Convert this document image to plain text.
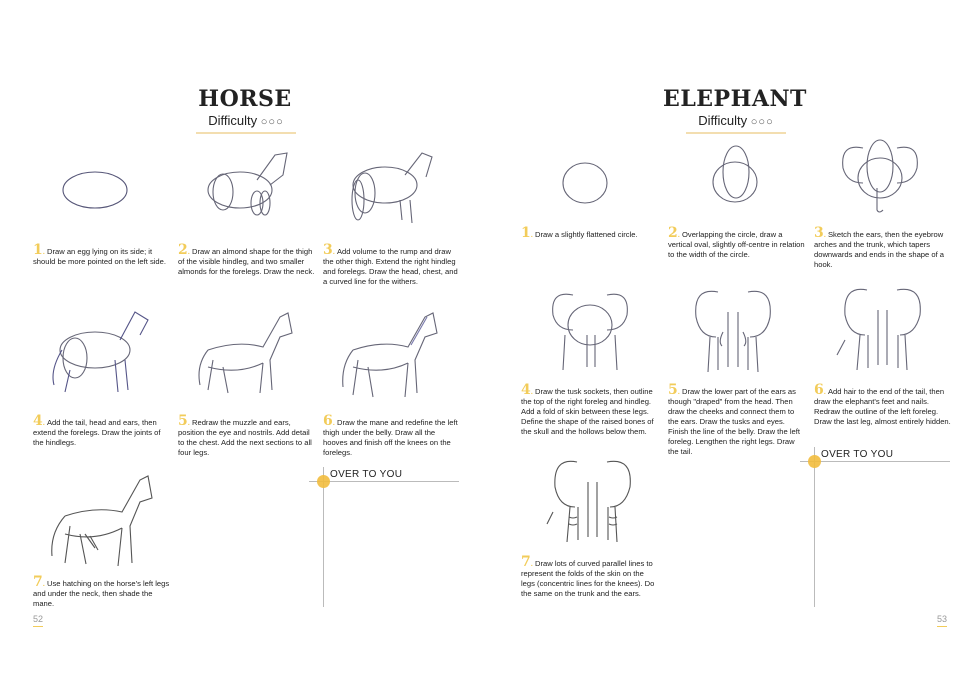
HORSE
Difficulty ○○○
1. Draw an egg lying on its side; it should be more pointed on the left side.
2. Draw an almond shape for the thigh of the visible hindleg, and two smaller almonds for the forelegs. Draw the neck.
3. Add volume to the rump and draw the other thigh. Extend the right hindleg and forelegs. Draw the head, chest, and a curved line for the withers.
4. Add the tail, head and ears, then extend the forelegs. Draw the joints of the hindlegs.
5. Redraw the muzzle and ears, position the eye and nostrils. Add detail to the chest. Add the next sections to all four legs.
6. Draw the mane and redefine the left thigh under the belly. Draw all the hooves and finish off the knees on the forelegs.
7. Use hatching on the horse's left legs and under the neck, then shade the mane.
OVER TO YOU
52
ELEPHANT
Difficulty ○○○
1. Draw a slightly flattened circle.	2. Overlapping the circle, draw a vertical oval, slightly off-centre in relation to the width of the circle.
3. Sketch the ears, then the eyebrow arches and the trunk, which tapers downwards and ends in the shape of a hook.
4. Draw the tusk sockets, then outline the top of the right foreleg and hindleg. Add a fold of skin between these legs. Define the shape of the raised bones of the skull and the hollows below them.
5. Draw the lower part of the ears as though "draped" from the head. Then draw the cheeks and connect them to the ears. Draw the tusks and eyes. Finish the line of the belly. Draw the left foreleg. Lengthen the right legs. Draw the tail.
6. Add hair to the end of the tail, then draw the elephant's feet and nails. Redraw the outline of the left foreleg. Draw the last leg, almost entirely hidden.
7. Draw lots of curved parallel lines to represent the folds of the skin on the legs (concentric lines for the knees). Do the same on the trunk and the ears.
OVER TO YOU
53
